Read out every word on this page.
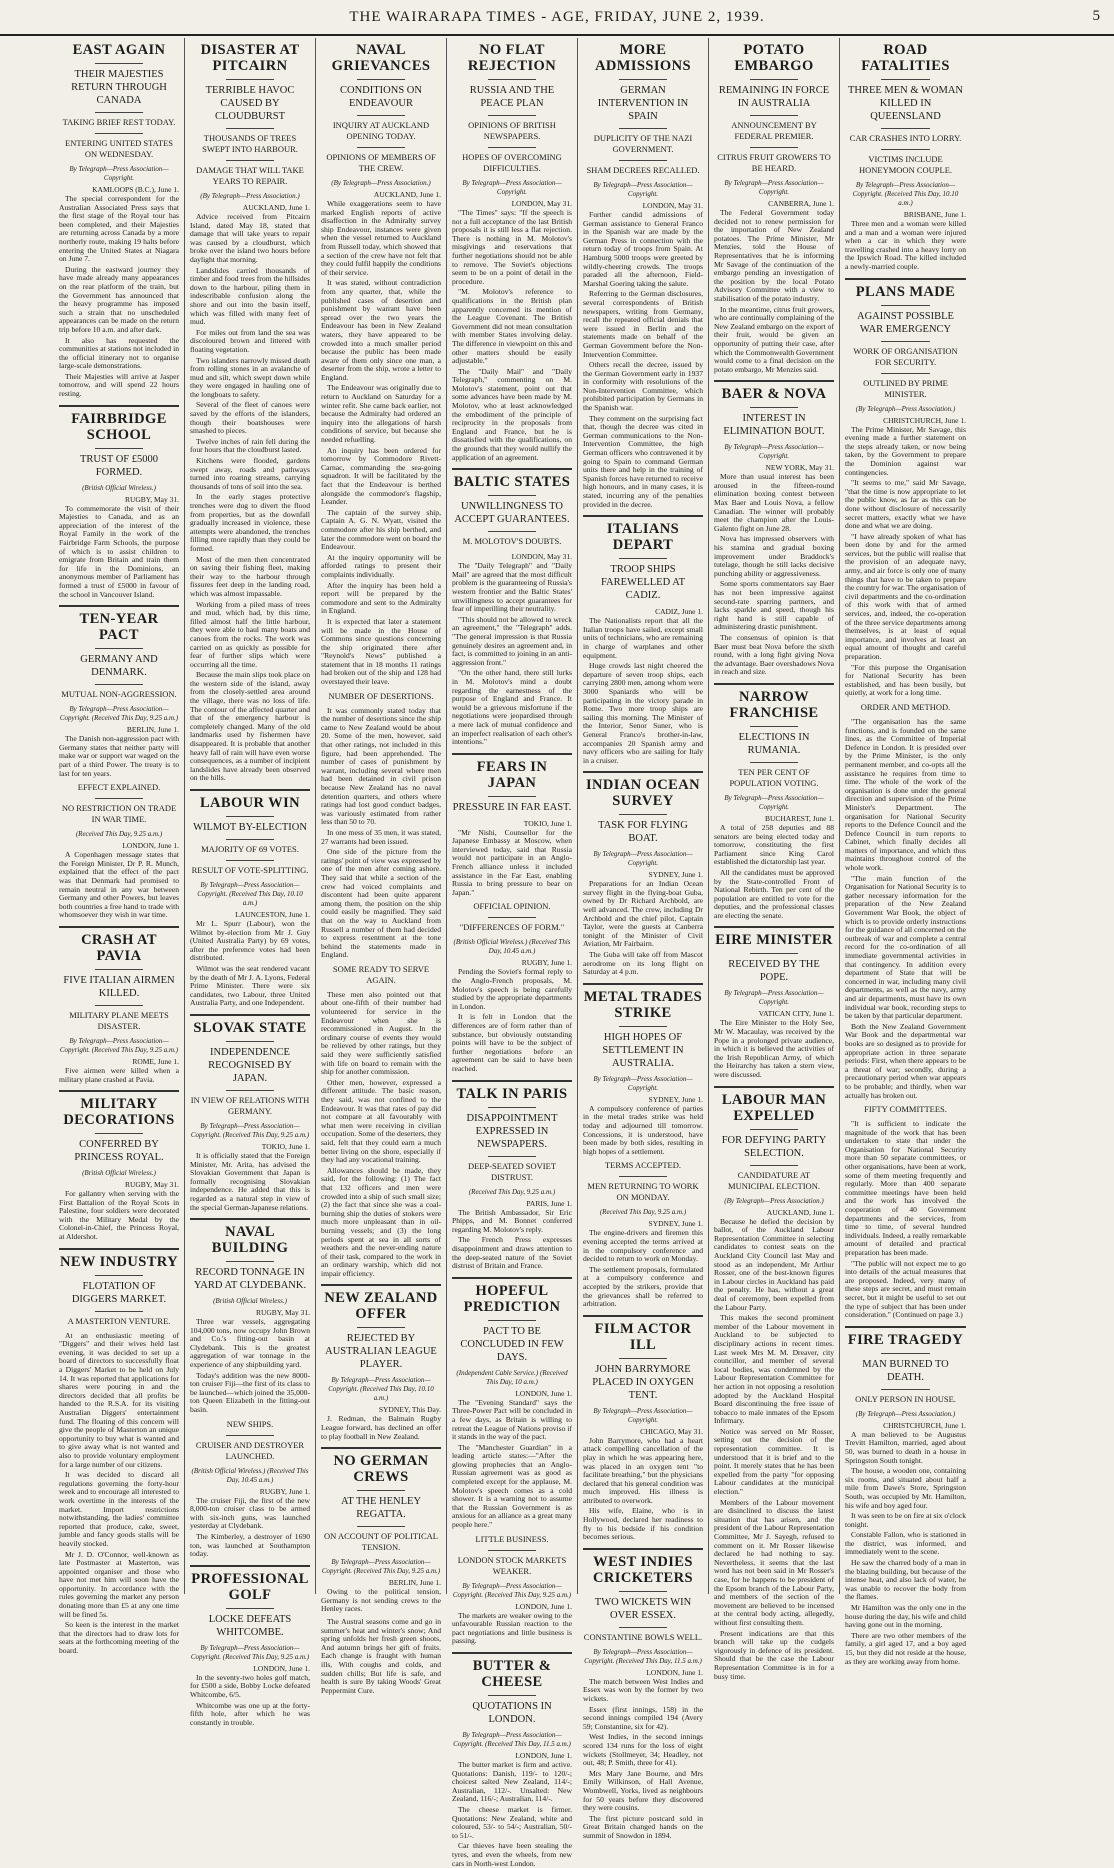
THE WAIRARAPA TIMES - AGE, FRIDAY, JUNE 2, 1939.	5
EAST AGAIN
THEIR MAJESTIES RETURN THROUGH CANADA
TAKING BRIEF REST TODAY.
ENTERING UNITED STATES ON WEDNESDAY.
By Telegraph—Press Association—Copyright.
KAMLOOPS (B.C.), June 1.

The special correspondent for the Australian Associated Press says that the first stage of the Royal tour has been completed, and their Majesties are returning across Canada by a more northerly route, making 19 halts before entering the United States at Niagara on June 7.

During the eastward journey they have made already many appearances on the rear platform of the train, but the Government has announced that the heavy programme has imposed such a strain that no unscheduled appearances can be made on the return trip before 10 a.m. and after dark.

It also has requested the communities at stations not included in the official itinerary not to organise large-scale demonstrations.

Their Majesties will arrive at Jasper tomorrow, and will spend 22 hours resting.

FAIRBRIDGE SCHOOL
TRUST OF £5000 FORMED.
(British Official Wireless.)
RUGBY, May 31.

To commemorate the visit of their Majesties to Canada, and as an appreciation of the interest of the Royal Family in the work of the Fairbridge Farm Schools, the purpose of which is to assist children to emigrate from Britain and train them for life in the Dominions, an anonymous member of Parliament has formed a trust of £5000 in favour of the school in Vancouver Island.

TEN-YEAR PACT
GERMANY AND DENMARK.
MUTUAL NON-AGGRESSION.
By Telegraph—Press Association—Copyright. (Received This Day, 9.25 a.m.)
BERLIN, June 1.

The Danish non-aggression pact with Germany states that neither party will make war or support war waged on the part of a third Power. The treaty is to last for ten years.

EFFECT EXPLAINED.
NO RESTRICTION ON TRADE IN WAR TIME.
(Received This Day, 9.25 a.m.)
LONDON, June 1.

A Copenhagen message states that the Foreign Minister, Dr P. R. Munch, explained that the effect of the pact was that Denmark had promised to remain neutral in any war between Germany and other Powers, but leaves both countries a free hand to trade with whomsoever they wish in war time.

CRASH AT PAVIA
FIVE ITALIAN AIRMEN KILLED.
MILITARY PLANE MEETS DISASTER.
By Telegraph—Press Association—Copyright. (Received This Day, 9.25 a.m.)
ROME, June 1.

Five airmen were killed when a military plane crashed at Pavia.

MILITARY DECORATIONS
CONFERRED BY PRINCESS ROYAL.
(British Official Wireless.)
RUGBY, May 31.

For gallantry when serving with the First Battalion of the Royal Scots in Palestine, four soldiers were decorated with the Military Medal by the Colonel-in-Chief, the Princess Royal, at Aldershot.

NEW INDUSTRY
FLOTATION OF DIGGERS MARKET.
A MASTERTON VENTURE.

At an enthusiastic meeting of "Diggers" and their wives held last evening, it was decided to set up a board of directors to successfully float a Diggers' Market to be held on July 14. It was reported that applications for shares were pouring in and the directors decided that all profits be handed to the R.S.A. for its visiting Australian Diggers' entertainment fund. The floating of this concern will give the people of Masterton an unique opportunity to buy what is wanted and to give away what is not wanted and also to provide voluntary employment for a large number of our citizens.

It was decided to discard all regulations governing the forty-hour week and to encourage all interested to work overtime in the interests of the market. Import restrictions notwithstanding, the ladies' committee reported that produce, cake, sweet, jumble and fancy goods stalls will be heavily stocked.

Mr J. D. O'Connor, well-known as late Postmaster at Masterton, was appointed organiser and those who have not met him will soon have the opportunity. In accordance with the rules governing the market any person donating more than £5 at any one time will be fined 5s.

So keen is the interest in the market that the directors had to draw lots for seats at the forthcoming meeting of the board.

DISASTER AT PITCAIRN
TERRIBLE HAVOC CAUSED BY CLOUDBURST
THOUSANDS OF TREES SWEPT INTO HARBOUR.
DAMAGE THAT WILL TAKE YEARS TO REPAIR.
(By Telegraph—Press Association.)
AUCKLAND, June 1.

Advice received from Pitcairn Island, dated May 18, stated that damage that will take years to repair was caused by a cloudburst, which broke over the island two hours before daylight that morning.

Landslides carried thousands of timber and food trees from the hillsides down to the harbour, piling them in indescribable confusion along the shore and out into the basin itself, which was filled with many feet of mud.

For miles out from land the sea was discoloured brown and littered with floating vegetation.

Two islanders narrowly missed death from rolling stones in an avalanche of mud and silt, which swept down while they were engaged in hauling one of the longboats to safety.

Several of the fleet of canoes were saved by the efforts of the islanders, though their boatshouses were smashed to pieces.

Twelve inches of rain fell during the four hours that the cloudburst lasted.

Kitchens were flooded, gardens swept away, roads and pathways turned into roaring streams, carrying thousands of tons of soil into the sea.

In the early stages protective trenches were dug to divert the flood from properties, but as the downfall gradually increased in violence, these attempts were abandoned, the trenches filling more rapidly than they could be formed.

Most of the men then concentrated on saving their fishing fleet, making their way to the harbour through fissures feet deep in the landing road, which was almost impassable.

Working from a piled mass of trees and mud, which had, by this time, filled almost half the little harbour, they were able to haul many boats and canoes from the rocks. The work was carried on as quickly as possible for fear of further slips which were occurring all the time.

Because the main slips took place on the western side of the island, away from the closely-settled area around the village, there was no loss of life. The contour of the affected quarter and that of the emergency harbour is completely changed. Many of the old landmarks used by fishermen have disappeared. It is probable that another heavy fall of rain will have even worse consequences, as a number of incipient landslides have already been observed on the hills.

LABOUR WIN
WILMOT BY-ELECTION
MAJORITY OF 69 VOTES.
RESULT OF VOTE-SPLITTING.
By Telegraph—Press Association—Copyright. (Received This Day, 10.10 a.m.)
LAUNCESTON, June 1.

Mr L. Spurr (Labour), won the Wilmot by-election from Mr J. Guy (United Australia Party) by 69 votes, after the preference votes had been distributed.

Wilmot was the seat rendered vacant by the death of Mr J. A. Lyons, Federal Prime Minister. There were six candidates, two Labour, three United Australia Party, and one Independent.

SLOVAK STATE
INDEPENDENCE RECOGNISED BY JAPAN.
IN VIEW OF RELATIONS WITH GERMANY.
By Telegraph—Press Association—Copyright. (Received This Day, 9.25 a.m.)
TOKIO, June 1.

It is officially stated that the Foreign Minister, Mr. Arita, has advised the Slovakian Government that Japan is formally recognising Slovakian independence. He added that this is regarded as a natural step in view of the special German-Japanese relations.

NAVAL BUILDING
RECORD TONNAGE IN YARD AT CLYDEBANK.
(British Official Wireless.)
RUGBY, May 31.

Three war vessels, aggregating 104,000 tons, now occupy John Brown and Co.'s fitting-out basin at Clydebank. This is the greatest aggregation of war tonnage in the experience of any shipbuilding yard.

Today's addition was the new 8000-ton cruiser Fiji—the first of its class to be launched—which joined the 35,000-ton Queen Elizabeth in the fitting-out basin.

NEW SHIPS.
CRUISER AND DESTROYER LAUNCHED.
(British Official Wireless.) (Received This Day, 10.45 a.m.)
RUGBY, June 1.

The cruiser Fiji, the first of the new 8,000-ton cruiser class to be armed with six-inch guns, was launched yesterday at Clydebank.

The Kimberley, a destroyer of 1690 ton, was launched at Southampton today.

PROFESSIONAL GOLF
LOCKE DEFEATS WHITCOMBE.
By Telegraph—Press Association—Copyright. (Received This Day, 9.25 a.m.)
LONDON, June 1.

In the seventy-two holes golf match, for £500 a side, Bobby Locke defeated Whitcombe, 6/5.

Whitcombe was one up at the forty-fifth hole, after which he was constantly in trouble.

NAVAL GRIEVANCES
CONDITIONS ON ENDEAVOUR
INQUIRY AT AUCKLAND OPENING TODAY.
OPINIONS OF MEMBERS OF THE CREW.
(By Telegraph—Press Association.)
AUCKLAND, June 1.

While exaggerations seem to have marked English reports of active disaffection in the Admiralty survey ship Endeavour, instances were given when the vessel returned to Auckland from Russell today, which showed that a section of the crew have not felt that they could fulfil happily the conditions of their service.

It was stated, without contradiction from any quarter, that, while the published cases of desertion and punishment by warrant have been spread over the two years the Endeavour has been in New Zealand waters, they have appeared to be crowded into a much smaller period because the public has been made aware of them only since one man, a deserter from the ship, wrote a letter to England.

The Endeavour was originally due to return to Auckland on Saturday for a winter refit. She came back earlier, not because the Admiralty had ordered an inquiry into the allegations of harsh conditions of service, but because she needed refuelling.

An inquiry has been ordered for tomorrow by Commodore Rivett-Carnac, commanding the sea-going squadron. It will be facilitated by the fact that the Endeavour is berthed alongside the commodore's flagship, Leander.

The captain of the survey ship, Captain A. G. N. Wyatt, visited the commodore after his ship berthed, and later the commodore went on board the Endeavour.

At the inquiry opportunity will be afforded ratings to present their complaints individually.

After the inquiry has been held a report will be prepared by the commodore and sent to the Admiralty in England.

It is expected that later a statement will be made in the House of Commons since questions concerning the ship originated there after "Reynold's News" published a statement that in 18 months 11 ratings had broken out of the ship and 128 had overstayed their leave.

NUMBER OF DESERTIONS.

It was commonly stated today that the number of desertions since the ship came to New Zealand would be about 20. Some of the men, however, said that other ratings, not included in this figure, had been apprehended. The number of cases of punishment by warrant, including several where men had been detained in civil prison because New Zealand has no naval detention quarters, and others where ratings had lost good conduct badges, was variously estimated from rather less than 50 to 70.

In one mess of 35 men, it was stated, 27 warrants had been issued.

One side of the picture from the ratings' point of view was expressed by one of the men after coming ashore. They said that while a section of the crew had voiced complaints and discontent had been quite apparent among them, the position on the ship could easily be magnified. They said that on the way to Auckland from Russell a number of them had decided to express resentment at the tone behind the statements made in England.

SOME READY TO SERVE AGAIN.

These men also pointed out that about one-fifth of their number had volunteered for service in the Endeavour when she is recommissioned in August. In the ordinary course of events they would be relieved by other ratings, but they said they were sufficiently satisfied with life on board to remain with the ship for another commission.

Other men, however, expressed a different attitude. The basic reason, they said, was not confined to the Endeavour. It was that rates of pay did not compare at all favourably with what men were receiving in civilian occupation. Some of the deserters, they said, felt that they could earn a much better living on the shore, especially if they had any vocational training.

Allowances should be made, they said, for the following: (1) The fact that 132 officers and men were crowded into a ship of such small size; (2) the fact that since she was a coal-burning ship the duties of stokers were much more unpleasant than in oil-burning vessels; and (3) the long periods spent at sea in all sorts of weathers and the never-ending nature of their task, compared to the work in an ordinary warship, which did not impair efficiency.

NEW ZEALAND OFFER
REJECTED BY AUSTRALIAN LEAGUE PLAYER.
By Telegraph—Press Association—Copyright. (Received This Day, 10.10 a.m.)
SYDNEY, This Day.

J. Redman, the Balmain Rugby League forward, has declined an offer to play football in New Zealand.

NO GERMAN CREWS
AT THE HENLEY REGATTA.
ON ACCOUNT OF POLITICAL TENSION.
By Telegraph—Press Association—Copyright. (Received This Day, 9.25 a.m.)
BERLIN, June 1.

Owing to the political tension, Germany is not sending crews to the Henley races.

The Austral seasons come and go in summer's heat and winter's snow; And spring unfolds her fresh green shoots, And autumn brings her gift of fruits. Each change is fraught with human ills, With coughs and colds, and sudden chills; But life is safe, and health is sure By taking Woods' Great Peppermint Cure.

NO FLAT REJECTION
RUSSIA AND THE PEACE PLAN
OPINIONS OF BRITISH NEWSPAPERS.
HOPES OF OVERCOMING DIFFICULTIES.
By Telegraph—Press Association—Copyright.
LONDON, May 31.

"The Times" says: "If the speech is not a full acceptance of the last British proposals it is still less a flat rejection. There is nothing in M. Molotov's misgivings and reservations that further negotiations should not be able to remove. The Soviet's objections seem to be on a point of detail in the procedure.

"M. Molotov's reference to qualifications in the British plan apparently concerned its mention of the League Covenant. The British Government did not mean consultation with member States involving delay. The difference in viewpoint on this and other matters should be easily adjustable."

The "Daily Mail" and "Daily Telegraph," commenting on M. Molotov's statement, point out that some advances have been made by M. Molotov, who at least acknowledged the embodiment of the principle of reciprocity in the proposals from England and France, but he is dissatisfied with the qualifications, on the grounds that they would nullify the application of an agreement.

BALTIC STATES
UNWILLINGNESS TO ACCEPT GUARANTEES.
M. MOLOTOV'S DOUBTS.
LONDON, May 31.

The "Daily Telegraph" and "Daily Mail" are agreed that the most difficult problem is the guaranteeing of Russia's western frontier and the Baltic States' unwillingness to accept guarantees for fear of imperilling their neutrality.

"This should not be allowed to wreck an agreement," the "Telegraph" adds. "The general impression is that Russia genuinely desires an agreement and, in fact, is committed to joining in an anti-aggression front."

"On the other hand, there still lurks in M. Molotov's mind a doubt regarding the earnestness of the purpose of England and France. It would be a grievous misfortune if the negotiations were jeopardised through a mere lack of mutual confidence and an imperfect realisation of each other's intentions."

FEARS IN JAPAN
PRESSURE IN FAR EAST.
TOKIO, June 1.

"Mr Nishi, Counsellor for the Japanese Embassy at Moscow, when interviewed today, said that Russia would not participate in an Anglo-French alliance unless it included assistance in the Far East, enabling Russia to bring pressure to bear on Japan."

OFFICIAL OPINION.
"DIFFERENCES OF FORM."
(British Official Wireless.) (Received This Day, 10.45 a.m.)
RUGBY, June 1.

Pending the Soviet's formal reply to the Anglo-French proposals, M. Molotov's speech is being carefully studied by the appropriate departments in London.

It is felt in London that the differences are of form rather than of substance, but obviously outstanding points will have to be the subject of further negotiations before an agreement can be said to have been reached.

TALK IN PARIS
DISAPPOINTMENT EXPRESSED IN NEWSPAPERS.
DEEP-SEATED SOVIET DISTRUST.
(Received This Day, 9.25 a.m.)
PARIS, June 1.

The British Ambassador, Sir Eric Phipps, and M. Bonnet conferred regarding M. Molotov's reply.

The French Press expresses disappointment and draws attention to the deep-seated nature of the Soviet distrust of Britain and France.

HOPEFUL PREDICTION
PACT TO BE CONCLUDED IN FEW DAYS.
(Independent Cable Service.) (Received This Day, 10 a.m.)
LONDON, June 1.

The "Evening Standard" says the Three-Power Pact will be concluded in a few days, as Britain is willing to retreat the League of Nations proviso if it stands in the way of the pact.

The "Manchester Guardian" in a leading article states:—"After the glowing prophecies that an Anglo-Russian agreement was as good as completed except for the applause, M. Molotov's speech comes as a cold shower. It is a warning not to assume that the Russian Government is as anxious for an alliance as a great many people here."

LITTLE BUSINESS.
LONDON STOCK MARKETS WEAKER.
By Telegraph—Press Association—Copyright. (Received This Day, 9.25 a.m.)
LONDON, June 1.

The markets are weaker owing to the unfavourable Russian reaction to the pact negotiations and little business is passing.

BUTTER & CHEESE
QUOTATIONS IN LONDON.
By Telegraph—Press Association—Copyright. (Received This Day, 11.5 a.m.)
LONDON, June 1.

The butter market is firm and active. Quotations: Danish, 119/- to 120/-; choicest salted New Zealand, 114/-; Australian, 112/-. Unsalted: New Zealand, 116/-; Australian, 114/-.

The cheese market is firmer. Quotations: New Zealand, white and coloured, 53/- to 54/-; Australian, 50/- to 51/-.

Car thieves have been stealing the tyres, and even the wheels, from new cars in North-west London.

MORE ADMISSIONS
GERMAN INTERVENTION IN SPAIN
DUPLICITY OF THE NAZI GOVERNMENT.
SHAM DECREES RECALLED.
By Telegraph—Press Association—Copyright.
LONDON, May 31.

Further candid admissions of German assistance to General Franco in the Spanish war are made by the German Press in connection with the return today of troops from Spain. At Hamburg 5000 troops were greeted by wildly-cheering crowds. The troops paraded all the afternoon, Field-Marshal Goering taking the salute.

Referring to the German disclosures, several correspondents of British newspapers, writing from Germany, recall the repeated official denials that were issued in Berlin and the statements made on behalf of the German Government before the Non-Intervention Committee.

Others recall the decree, issued by the German Government early in 1937 in conformity with resolutions of the Non-Intervention Committee, which prohibited participation by Germans in the Spanish war.

They comment on the surprising fact that, though the decree was cited in German communications to the Non-Intervention Committee, the high German officers who contravened it by going to Spain to command German units there and help in the training of Spanish forces have returned to receive high honours, and in many cases, it is stated, incurring any of the penalties provided in the decree.

ITALIANS DEPART
TROOP SHIPS FAREWELLED AT CADIZ.
CADIZ, June 1.

The Nationalists report that all the Italian troops have sailed, except small units of technicians, who are remaining in charge of warplanes and other equipment.

Huge crowds last night cheered the departure of seven troop ships, each carrying 2800 men, among whom were 3000 Spaniards who will be participating in the victory parade in Rome. Two more troop ships are sailing this morning. The Minister of the Interior, Senor Suner, who is General Franco's brother-in-law, accompanies 20 Spanish army and navy officers who are sailing for Italy in a cruiser.

INDIAN OCEAN SURVEY
TASK FOR FLYING BOAT.
By Telegraph—Press Association—Copyright.
SYDNEY, June 1.

Preparations for an Indian Ocean survey flight in the flying-boat Guba, owned by Dr Richard Archbold, are well advanced. The crew, including Dr Archbold and the chief pilot, Captain Taylor, were the guests at Canberra tonight of the Minister of Civil Aviation, Mr Fairbairn.

The Guba will take off from Mascot aerodrome on its long flight on Saturday at 4 p.m.

METAL TRADES STRIKE
HIGH HOPES OF SETTLEMENT IN AUSTRALIA.
By Telegraph—Press Association—Copyright.
SYDNEY, June 1.

A compulsory conference of parties in the metal trades strike was held today and adjourned till tomorrow. Concessions, it is understood, have been made by both sides, resulting in high hopes of a settlement.

TERMS ACCEPTED.
MEN RETURNING TO WORK ON MONDAY.
(Received This Day, 9.25 a.m.)
SYDNEY, June 1.

The engine-drivers and firemen this evening accepted the terms arrived at in the compulsory conference and decided to return to work on Monday.

The settlement proposals, formulated at a compulsory conference and accepted by the strikers, provide that the grievances shall be referred to arbitration.

FILM ACTOR ILL
JOHN BARRYMORE PLACED IN OXYGEN TENT.
By Telegraph—Press Association—Copyright.
CHICAGO, May 31.

John Barrymore, who had a heart attack compelling cancellation of the play in which he was appearing here, was placed in an oxygen tent "to facilitate breathing," but the physicians declared that his general condition was much improved. His illness is attributed to overwork.

His wife, Elaine, who is in Hollywood, declared her readiness to fly to his bedside if his condition becomes serious.

WEST INDIES CRICKETERS
TWO WICKETS WIN OVER ESSEX.
CONSTANTINE BOWLS WELL.
By Telegraph—Press Association—Copyright. (Received This Day, 11.5 a.m.)
LONDON, June 1.

The match between West Indies and Essex was won by the former by two wickets.

Essex (first innings, 158) in the second innings compiled 194 (Avery 59; Constantine, six for 42).

West Indies, in the second innings scored 134 runs for the loss of eight wickets (Stollmeyer, 34; Headley, not out, 48; P. Smith, three for 41).

Mrs Mary Jane Bourne, and Mrs Emily Wilkinson, of Hall Avenue, Wombwell, Yorks, lived as neighbours for 50 years before they discovered they were cousins.

The first picture postcard sold in Great Britain changed hands on the summit of Snowdon in 1894.

POTATO EMBARGO
REMAINING IN FORCE IN AUSTRALIA
ANNOUNCEMENT BY FEDERAL PREMIER.
CITRUS FRUIT GROWERS TO BE HEARD.
By Telegraph—Press Association—Copyright.
CANBERRA, June 1.

The Federal Government today decided not to renew permission for the importation of New Zealand potatoes. The Prime Minister, Mr Menzies, told the House of Representatives that he is informing Mr Savage of the continuation of the embargo pending an investigation of the position by the local Potato Advisory Committee with a view to stabilisation of the potato industry.

In the meantime, citrus fruit growers, who are continually complaining of the New Zealand embargo on the export of their fruit, would be given an opportunity of putting their case, after which the Commonwealth Government would come to a final decision on the potato embargo, Mr Menzies said.

BAER & NOVA
INTEREST IN ELIMINATION BOUT.
By Telegraph—Press Association—Copyright.
NEW YORK, May 31.

More than usual interest has been aroused in the fifteen-round elimination boxing contest between Max Baer and Louis Nova, a fellow Canadian. The winner will probably meet the champion after the Louis-Galento fight on June 28.

Nova has impressed observers with his stamina and gradual boxing improvement under Braddock's tutelage, though he still lacks decisive punching ability or aggressiveness.

Some sports commentators say Baer has not been impressive against second-rate sparring partners, and lacks sparkle and speed, though his right hand is still capable of administering drastic punishment.

The consensus of opinion is that Baer must beat Nova before the sixth round, with a long fight giving Nova the advantage. Baer overshadows Nova in reach and size.

NARROW FRANCHISE
ELECTIONS IN RUMANIA.
TEN PER CENT OF POPULATION VOTING.
By Telegraph—Press Association—Copyright.
BUCHAREST, June 1.

A total of 258 deputies and 88 senators are being elected today and tomorrow, constituting the first Parliament since King Carol established the dictatorship last year.

All the candidates must be approved by the State-controlled Front of National Rebirth. Ten per cent of the population are entitled to vote for the deputies, and the professional classes are electing the senate.

EIRE MINISTER
RECEIVED BY THE POPE.
By Telegraph—Press Association—Copyright.
VATICAN CITY, June 1.

The Eire Minister to the Holy See, Mr W. Macaulay, was received by the Pope in a prolonged private audience, in which it is believed the activities of the Irish Republican Army, of which the Heirarchy has taken a stern view, were discussed.

LABOUR MAN EXPELLED
FOR DEFYING PARTY SELECTION.
CANDIDATURE AT MUNICIPAL ELECTION.
(By Telegraph—Press Association.)
AUCKLAND, June 1.

Because he defied the decision by ballot, of the Auckland Labour Representation Committee in selecting candidates to contest seats on the Auckland City Council last May and stood as an independent, Mr Arthur Rosser, one of the best-known figures in Labour circles in Auckland has paid the penalty. He has, without a great deal of ceremony, been expelled from the Labour Party.

This makes the second prominent member of the Labour movement in Auckland to be subjected to disciplinary actions in recent times. Last week Mrs M. M. Dreaver, city councillor, and member of several local bodies, was condemned by the Labour Representation Committee for her action in not opposing a resolution adopted by the Auckland Hospital Board discontinuing the free issue of tobacco to male inmates of the Epsom Infirmary.

Notice was served on Mr Rosser, setting out the decision of the representation committee. It is understood that it is brief and to the point. It merely states that he has been expelled from the party "for opposing Labour candidates at the municipal election."

Members of the Labour movement are disinclined to discuss the latest situation that has arisen, and the president of the Labour Representation Committee, Mr J. Sayegh, refused to comment on it. Mr Rosser likewise declared he had nothing to say. Nevertheless, it seems that the last word has not been said in Mr Rosser's case, for he happens to be president of the Epsom branch of the Labour Party, and members of the section of the movement are believed to be incensed at the central body acting, allegedly, without first consulting them.

Present indications are that this branch will take up the cudgels vigorously in defence of its president. Should that be the case the Labour Representation Committee is in for a busy time.

ROAD FATALITIES
THREE MEN & WOMAN KILLED IN QUEENSLAND
CAR CRASHES INTO LORRY.
VICTIMS INCLUDE HONEYMOON COUPLE.
By Telegraph—Press Association—Copyright. (Received This Day, 10.10 a.m.)
BRISBANE, June 1.

Three men and a woman were killed and a man and a woman were injured when a car in which they were travelling crashed into a heavy lorry on the Ipswich Road. The killed included a newly-married couple.

PLANS MADE
AGAINST POSSIBLE WAR EMERGENCY
WORK OF ORGANISATION FOR SECURITY.
OUTLINED BY PRIME MINISTER.
(By Telegraph—Press Association.)
CHRISTCHURCH, June 1.

The Prime Minister, Mr Savage, this evening made a further statement on the steps already taken, or now being taken, by the Government to prepare the Dominion against war contingencies.

"It seems to me," said Mr Savage, "that the time is now appropriate to let the public know, as far as this can be done without disclosure of necessarily secret matters, exactly what we have done and what we are doing.

"I have already spoken of what has been done by and for the armed services, but the public will realise that the provision of an adequate navy, army, and air force is only one of many things that have to be taken to prepare the country for war. The organisation of civil departments and the co-ordination of this work with that of armed services, and, indeed, the co-operation of the three service departments among themselves, is at least of equal importance, and involves at least an equal amount of thought and careful preparation.

"For this purpose the Organisation for National Security has been established, and has been busily, but quietly, at work for a long time.

ORDER AND METHOD.

"The organisation has the same functions, and is founded on the same lines, as the Committee of Imperial Defence in London. It is presided over by the Prime Minister, is the only permanent member, and co-opts all the assistance he requires from time to time. The whole of the work of the organisation is done under the general direction and supervision of the Prime Minister's Department. The organisation for National Security reports to the Defence Council and the Defence Council in turn reports to Cabinet, which finally decides all matters of importance, and which thus maintains throughout control of the whole work.

"The main function of the Organisation for National Security is to gather necessary information for the preparation of the New Zealand Government War Book, the object of which is to provide orderly instructions for the guidance of all concerned on the outbreak of war and complete a central record for the co-ordination of all immediate governmental activities in that contingency. In addition every department of State that will be concerned in war, including many civil departments, as well as the navy, army and air departments, must have its own individual war book, recording steps to be taken by that particular department.

Both the New Zealand Government War Book and the departmental war books are so designed as to provide for appropriate action in three separate periods: First, when there appears to be a threat of war; secondly, during a precautionary period when war appears to be probable; and thirdly, when war actually has broken out.

FIFTY COMMITTEES.

"It is sufficient to indicate the magnitude of the work that has been undertaken to state that under the Organisation for National Security more than 50 separate committees, or other organisations, have been at work, some of them meeting frequently and regularly. More than 400 separate committee meetings have been held and the work has involved the cooperation of 40 Government departments and the services, from time to time, of several hundred individuals. Indeed, a really remarkable amount of detailed and practical preparation has been made.

"The public will not expect me to go into details of the actual measures that are proposed. Indeed, very many of these steps are secret, and must remain secret, but it might be useful to set out the type of subject that has been under consideration." (Continued on page 3.)

FIRE TRAGEDY
MAN BURNED TO DEATH.
ONLY PERSON IN HOUSE.
(By Telegraph—Press Association.)
CHRISTCHURCH, June 1.

A man believed to be Augustus Trevitt Hamilton, married, aged about 50, was burned to death in a house in Springston South tonight.

The house, a wooden one, containing six rooms, and situated about half a mile from Dawe's Store, Springston South, was occupied by Mr. Hamilton, his wife and boy aged four.

It was seen to be on fire at six o'clock tonight.

Constable Fallon, who is stationed in the district, was informed, and immediately went to the scene.

He saw the charred body of a man in the blazing building, but because of the intense heat, and also lack of water, he was unable to recover the body from the flames.

Mr Hamilton was the only one in the house during the day, his wife and child having gone out in the morning.

There are two other members of the family, a girl aged 17, and a boy aged 15, but they did not reside at the house, as they are working away from home.
